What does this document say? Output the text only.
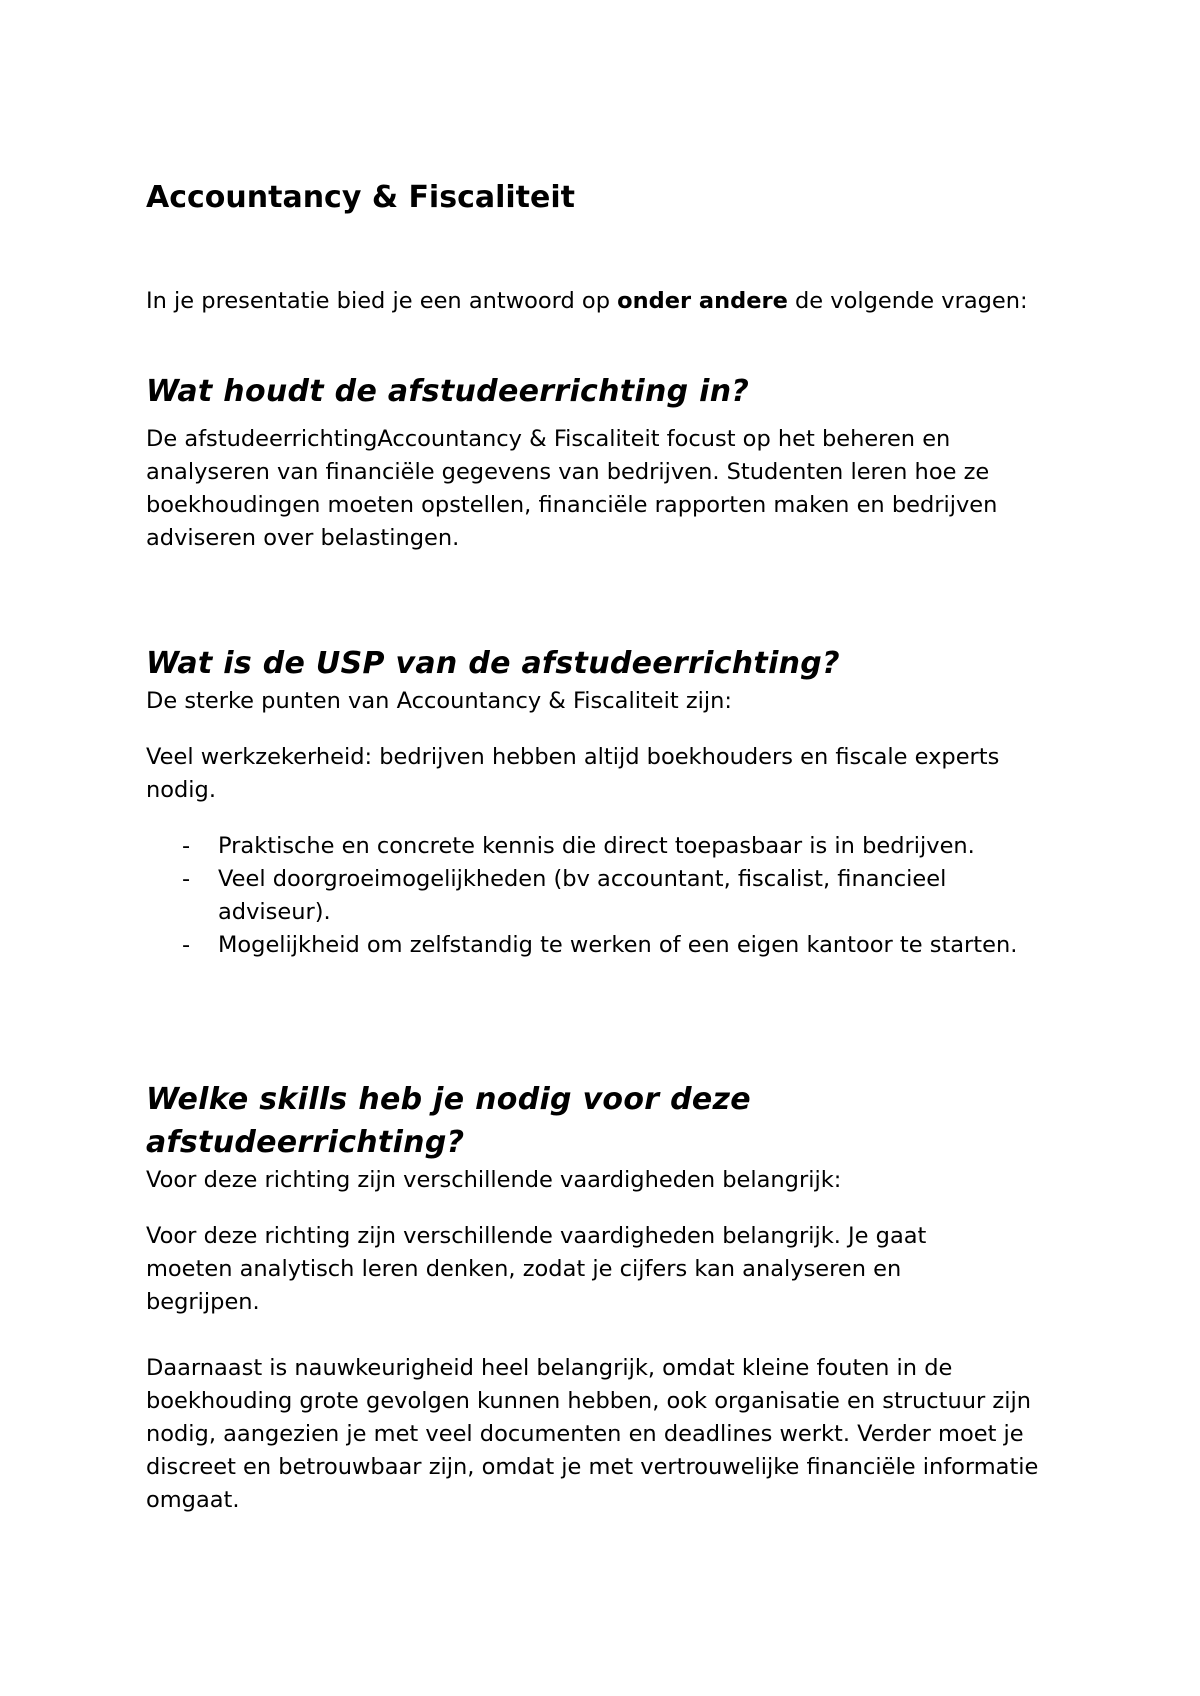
Accountancy & Fiscaliteit

In je presentatie bied je een antwoord op onder andere de volgende vragen:

Wat houdt de afstudeerrichting in?

De afstudeerrichtingAccountancy & Fiscaliteit focust op het beheren en analyseren van financiële gegevens van bedrijven. Studenten leren hoe ze boekhoudingen moeten opstellen, financiële rapporten maken en bedrijven adviseren over belastingen.

Wat is de USP van de afstudeerrichting?

De sterke punten van Accountancy & Fiscaliteit zijn:

Veel werkzekerheid: bedrijven hebben altijd boekhouders en fiscale experts nodig.

- Praktische en concrete kennis die direct toepasbaar is in bedrijven.
- Veel doorgroeimogelijkheden (bv accountant, fiscalist, financieel adviseur).
- Mogelijkheid om zelfstandig te werken of een eigen kantoor te starten.
Welke skills heb je nodig voor deze afstudeerrichting?

Voor deze richting zijn verschillende vaardigheden belangrijk:

Voor deze richting zijn verschillende vaardigheden belangrijk. Je gaat moeten analytisch leren denken, zodat je cijfers kan analyseren en begrijpen.

Daarnaast is nauwkeurigheid heel belangrijk, omdat kleine fouten in de boekhouding grote gevolgen kunnen hebben, ook organisatie en structuur zijn nodig, aangezien je met veel documenten en deadlines werkt. Verder moet je discreet en betrouwbaar zijn, omdat je met vertrouwelijke financiële informatie omgaat.
